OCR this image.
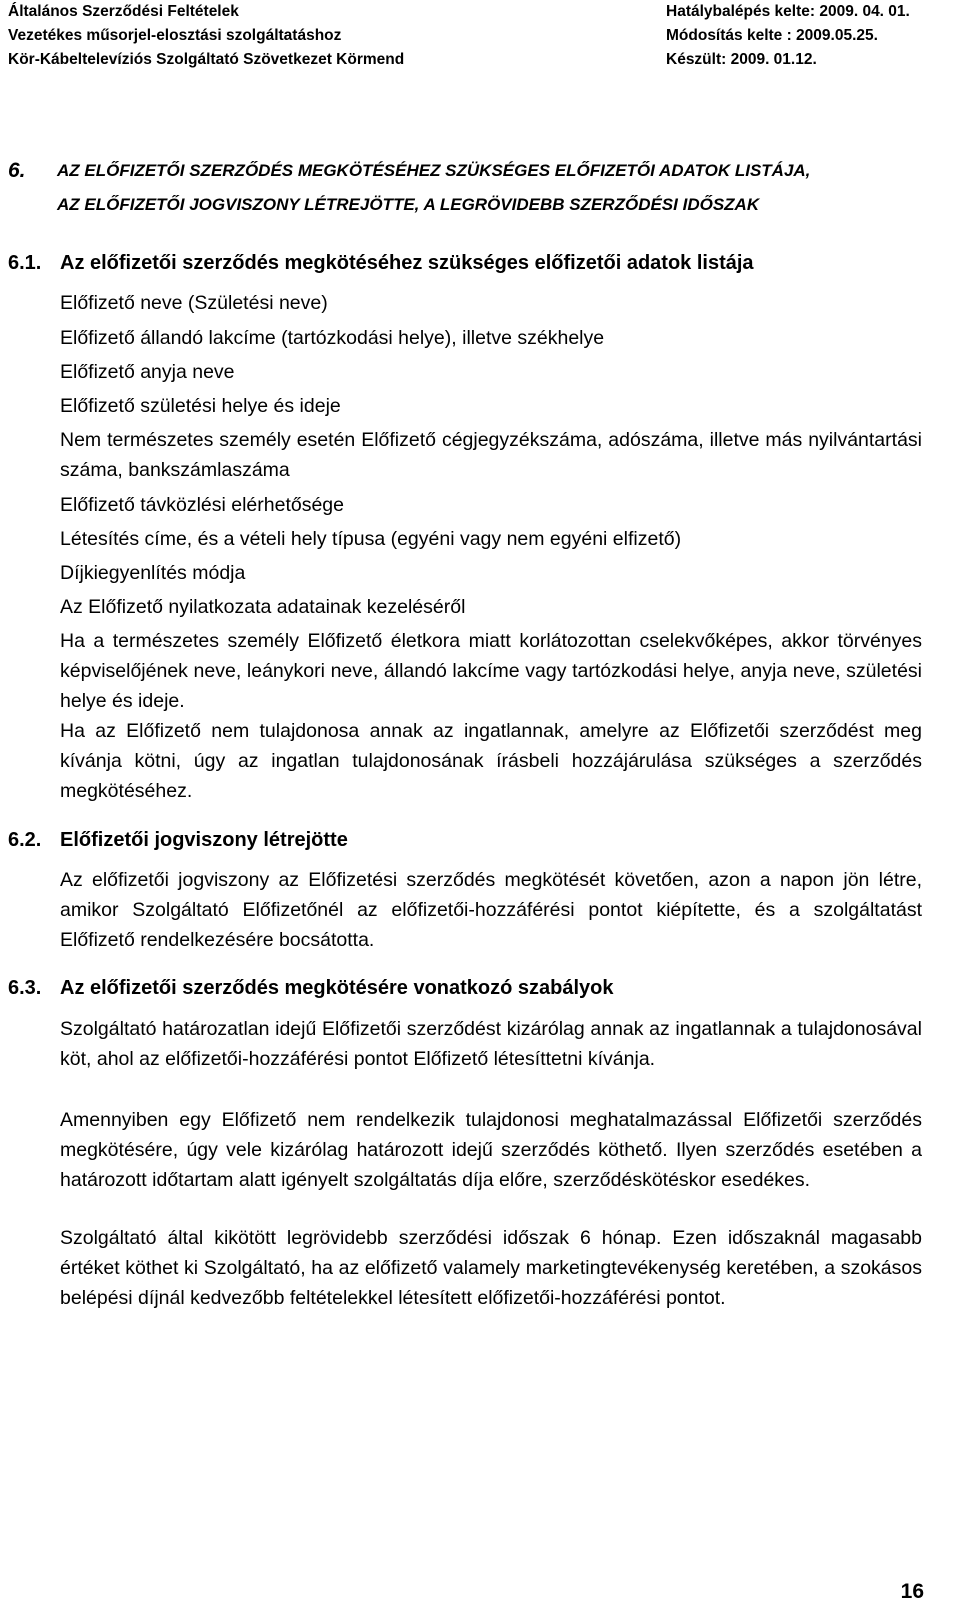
Általános Szerződési Feltételek	Hatálybalépés kelte: 2009. 04. 01.
Vezetékes műsorjel-elosztási szolgáltatáshoz	Módosítás kelte : 2009.05.25.
Kör-Kábeltelevíziós Szolgáltató Szövetkezet Körmend	Készült: 2009. 01.12.
6. AZ ELŐFIZETŐI SZERZŐDÉS MEGKÖTÉSÉHEZ SZÜKSÉGES ELŐFIZETŐI ADATOK LISTÁJA,
AZ ELŐFIZETŐI JOGVISZONY LÉTREJÖTTE, A LEGRÖVIDEBB SZERZŐDÉSI IDŐSZAK
6.1. Az előfizetői szerződés megkötéséhez szükséges előfizetői adatok listája
Előfizető neve (Születési neve)
Előfizető állandó lakcíme (tartózkodási helye), illetve székhelye
Előfizető anyja neve
Előfizető születési helye és ideje
Nem természetes személy esetén Előfizető cégjegyzékszáma, adószáma, illetve más nyilvántartási száma, bankszámlaszáma
Előfizető távközlési elérhetősége
Létesítés címe, és a vételi hely típusa (egyéni vagy nem egyéni elfizető)
Díjkiegyenlítés módja
Az Előfizető nyilatkozata adatainak kezeléséről
Ha a természetes személy Előfizető életkora miatt korlátozottan cselekvőképes, akkor törvényes képviselőjének neve, leánykori neve, állandó lakcíme vagy tartózkodási helye, anyja neve, születési helye és ideje.
Ha az Előfizető nem tulajdonosa annak az ingatlannak, amelyre az Előfizetői szerződést meg kívánja kötni, úgy az ingatlan tulajdonosának írásbeli hozzájárulása szükséges a szerződés megkötéséhez.
6.2. Előfizetői jogviszony létrejötte
Az előfizetői jogviszony az Előfizetési szerződés megkötését követően, azon a napon jön létre, amikor Szolgáltató Előfizetőnél az előfizetői-hozzáférési pontot kiépítette, és a szolgáltatást Előfizető rendelkezésére bocsátotta.
6.3. Az előfizetői szerződés megkötésére vonatkozó szabályok
Szolgáltató határozatlan idejű Előfizetői szerződést kizárólag annak az ingatlannak a tulajdonosával köt, ahol az előfizetői-hozzáférési pontot Előfizető létesíttetni kívánja.
Amennyiben egy Előfizető nem rendelkezik tulajdonosi meghatalmazással Előfizetői szerződés megkötésére, úgy vele kizárólag határozott idejű szerződés köthető. Ilyen szerződés esetében a határozott időtartam alatt igényelt szolgáltatás díja előre, szerződéskötéskor esedékes.
Szolgáltató által kikötött legrövidebb szerződési időszak 6 hónap. Ezen időszaknál magasabb értéket köthet ki Szolgáltató, ha az előfizető valamely marketingtevékenység keretében, a szokásos belépési díjnál kedvezőbb feltételekkel létesített előfizetői-hozzáférési pontot.
16
